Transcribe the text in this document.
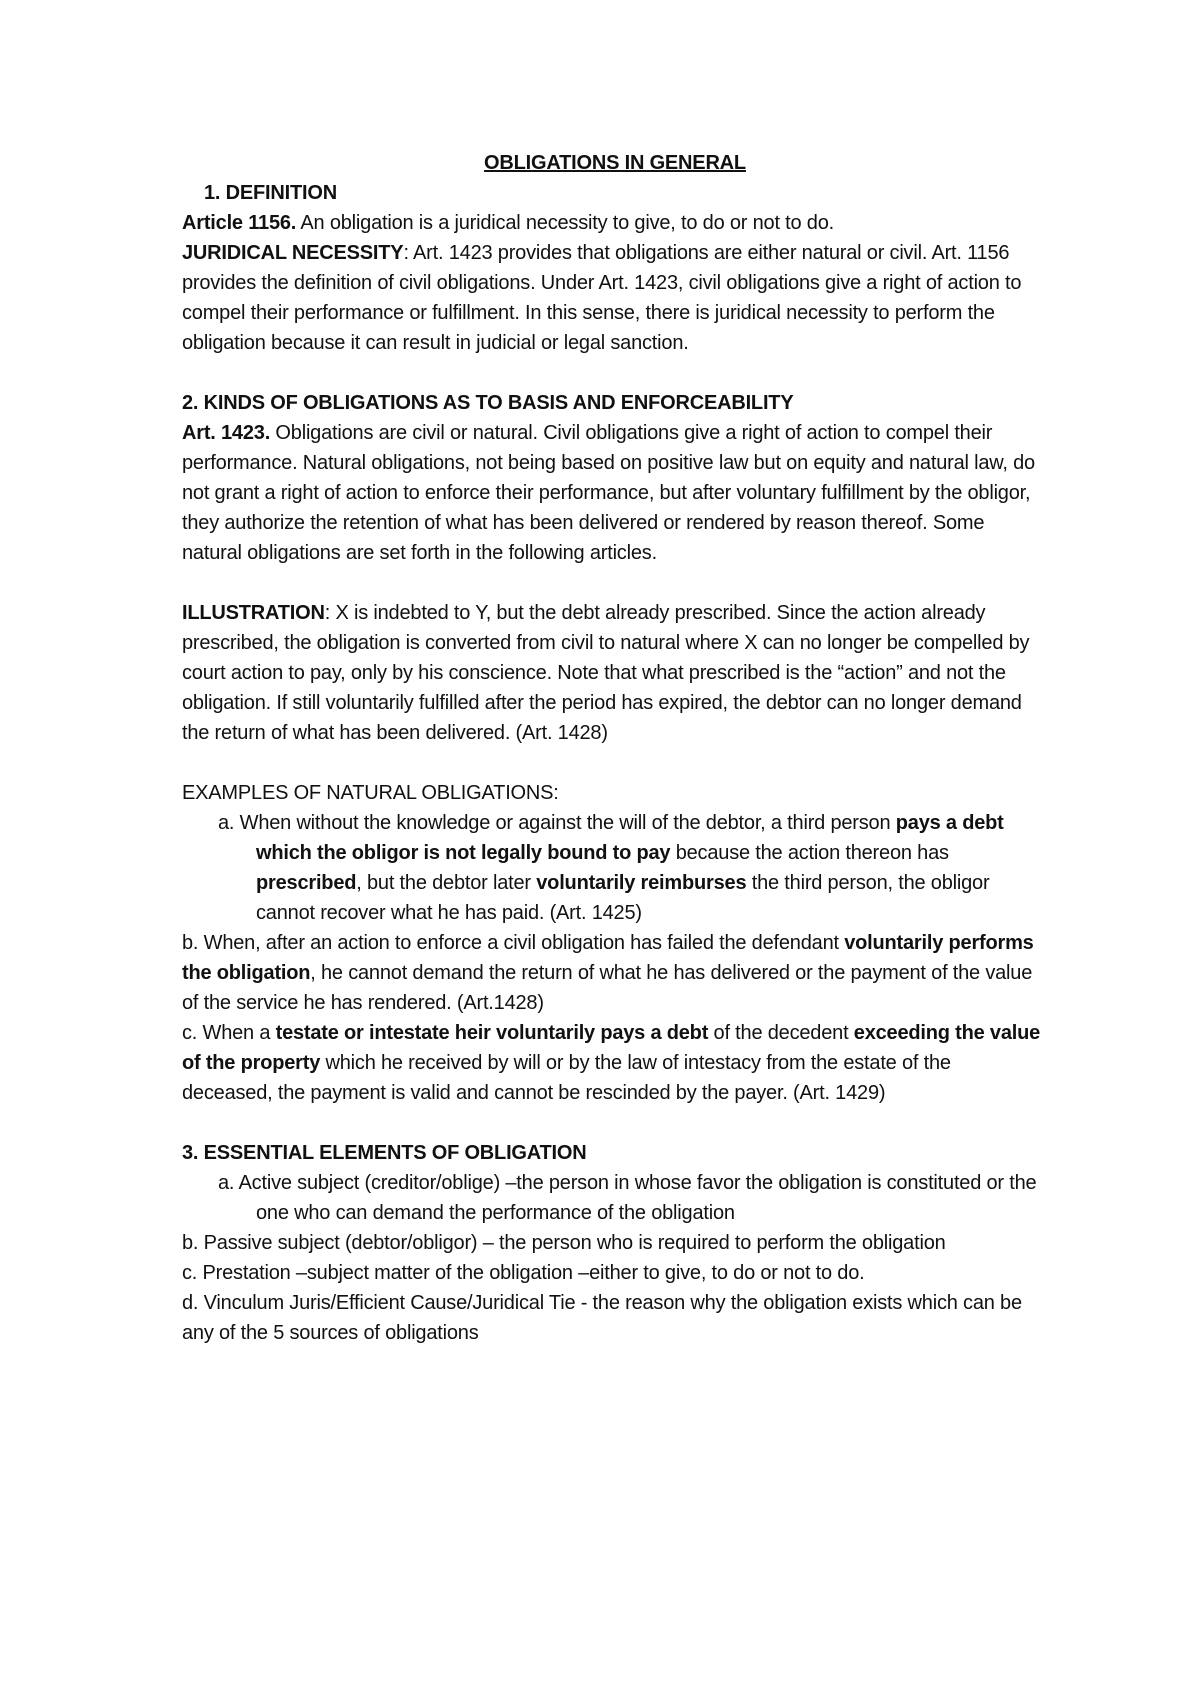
OBLIGATIONS IN GENERAL

1. DEFINITION

Article 1156. An obligation is a juridical necessity to give, to do or not to do.

JURIDICAL NECESSITY: Art. 1423 provides that obligations are either natural or civil. Art. 1156 provides the definition of civil obligations. Under Art. 1423, civil obligations give a right of action to compel their performance or fulfillment. In this sense, there is juridical necessity to perform the obligation because it can result in judicial or legal sanction.

2. KINDS OF OBLIGATIONS AS TO BASIS AND ENFORCEABILITY

Art. 1423. Obligations are civil or natural. Civil obligations give a right of action to compel their performance. Natural obligations, not being based on positive law but on equity and natural law, do not grant a right of action to enforce their performance, but after voluntary fulfillment by the obligor, they authorize the retention of what has been delivered or rendered by reason thereof. Some natural obligations are set forth in the following articles.

ILLUSTRATION: X is indebted to Y, but the debt already prescribed. Since the action already prescribed, the obligation is converted from civil to natural where X can no longer be compelled by court action to pay, only by his conscience. Note that what prescribed is the “action” and not the obligation. If still voluntarily fulfilled after the period has expired, the debtor can no longer demand the return of what has been delivered. (Art. 1428)

EXAMPLES OF NATURAL OBLIGATIONS:

a. When without the knowledge or against the will of the debtor, a third person pays a debt which the obligor is not legally bound to pay because the action thereon has prescribed, but the debtor later voluntarily reimburses the third person, the obligor cannot recover what he has paid. (Art. 1425)

b. When, after an action to enforce a civil obligation has failed the defendant voluntarily performs the obligation, he cannot demand the return of what he has delivered or the payment of the value of the service he has rendered. (Art.1428)

c. When a testate or intestate heir voluntarily pays a debt of the decedent exceeding the value of the property which he received by will or by the law of intestacy from the estate of the deceased, the payment is valid and cannot be rescinded by the payer. (Art. 1429)

3. ESSENTIAL ELEMENTS OF OBLIGATION

a. Active subject (creditor/oblige) –the person in whose favor the obligation is constituted or the one who can demand the performance of the obligation

b. Passive subject (debtor/obligor) – the person who is required to perform the obligation

c. Prestation –subject matter of the obligation –either to give, to do or not to do.

d. Vinculum Juris/Efficient Cause/Juridical Tie - the reason why the obligation exists which can be any of the 5 sources of obligations
